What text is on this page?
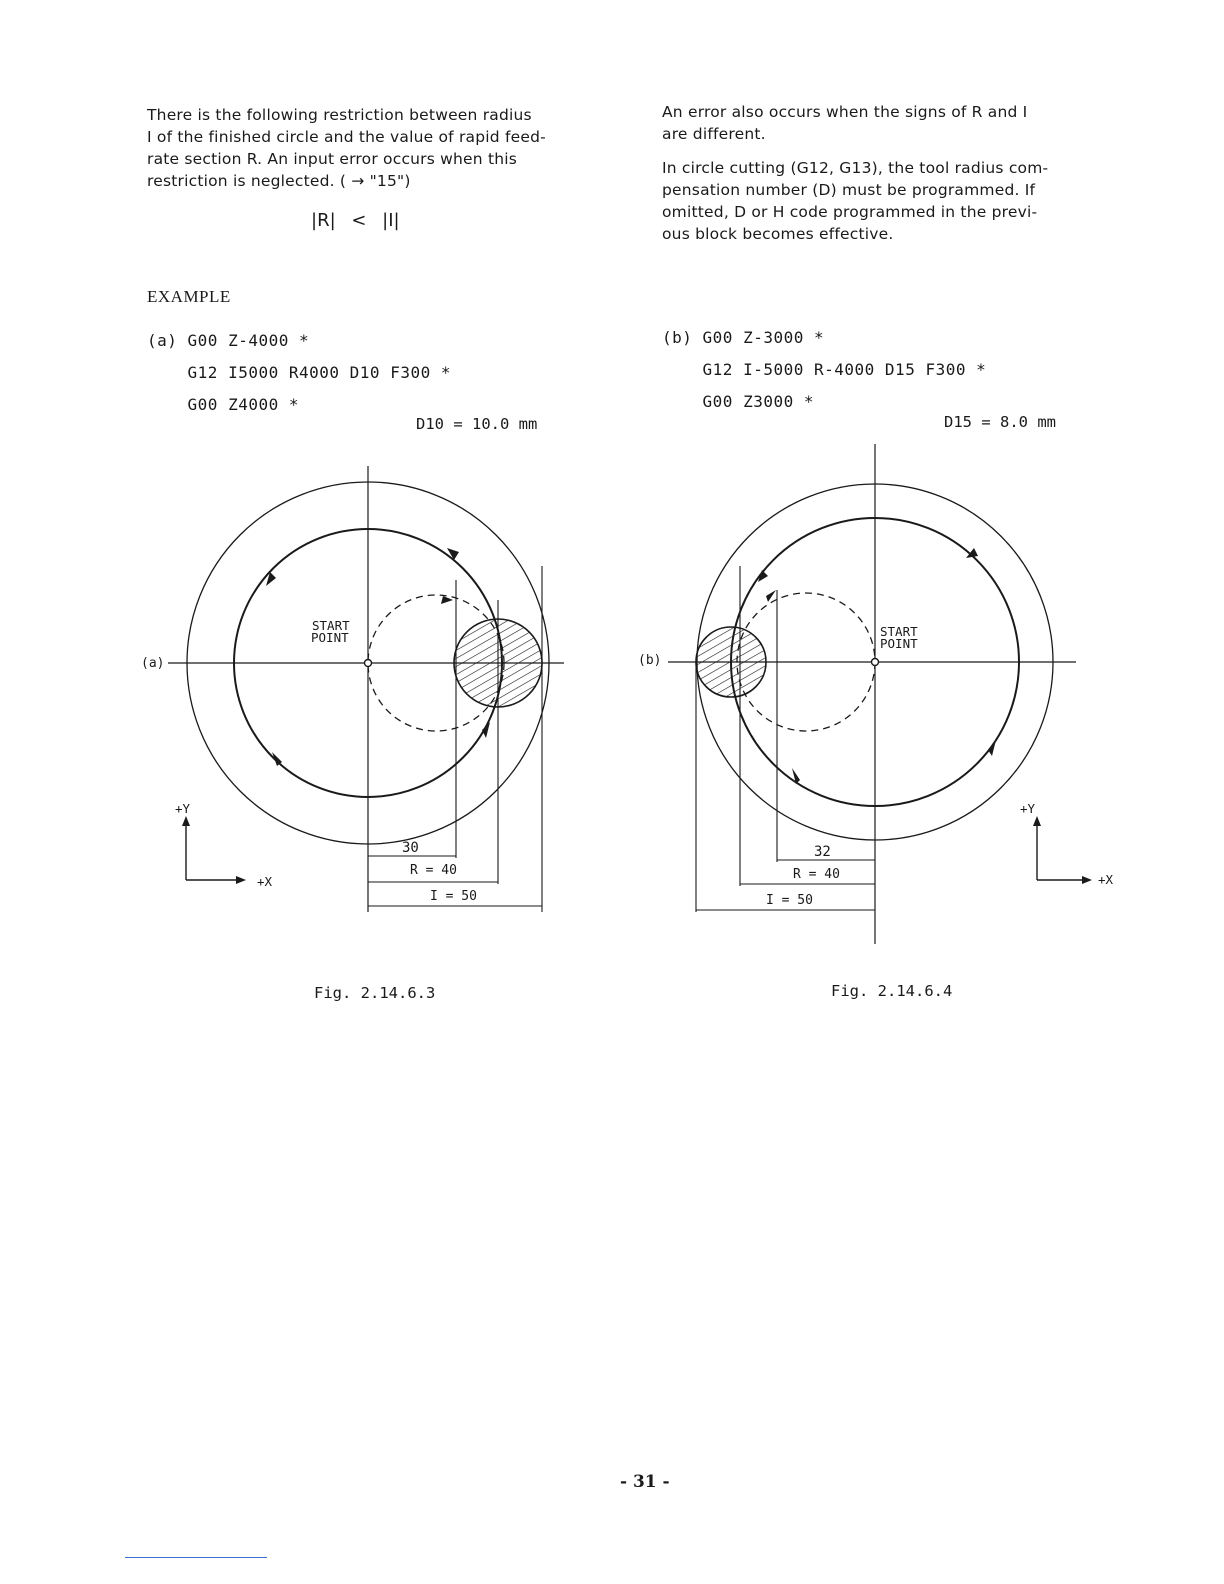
There is the following restriction between radius
I of the finished circle and the value of rapid feed-
rate section R. An input error occurs when this
restriction is neglected. ( → "15")
|R| < |I|
An error also occurs when the signs of R and I
are different.
In circle cutting (G12, G13), the tool radius com-
pensation number (D) must be programmed. If
omitted, D or H code programmed in the previ-
ous block becomes effective.
EXAMPLE
(a) G00 Z-4000 *
G12 I5000 R4000 D10 F300 *
G00 Z4000 *
D10 = 10.0 mm
(b) G00 Z-3000 *
G12 I-5000 R-4000 D15 F300 *
G00 Z3000 *
D15 = 8.0 mm
(a)
START
POINT
30
R = 40
I = 50
+Y
+X
(b)
START
POINT
32
R = 40
I = 50
+Y
+X
Fig. 2.14.6.3	Fig. 2.14.6.4
- 31 -
